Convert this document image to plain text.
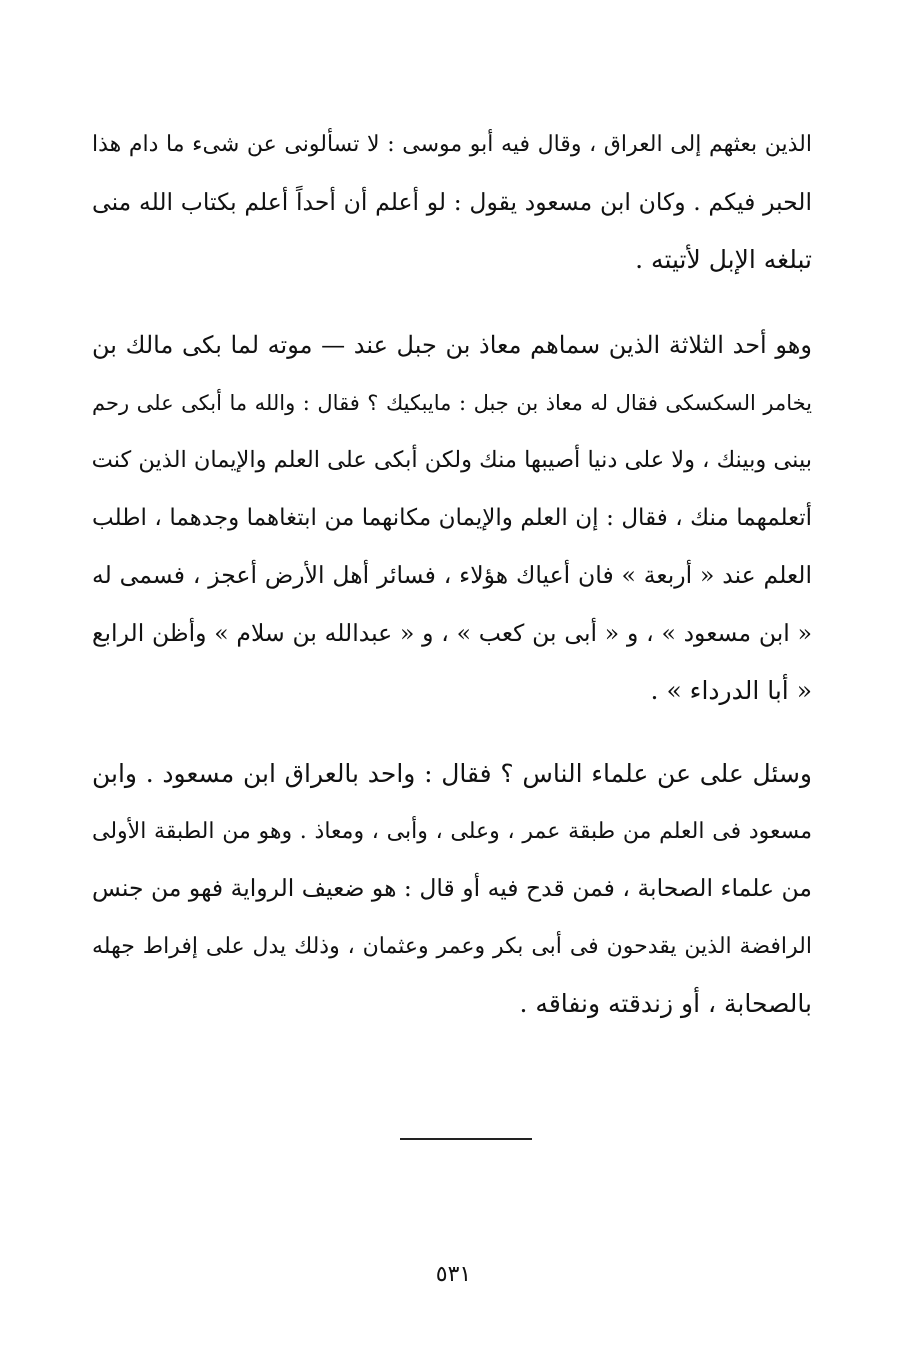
الذين بعثهم إلى العراق ، وقال فيه أبو موسى : لا تسألونى عن شىء ما دام هذا
الحبر فيكم . وكان ابن مسعود يقول : لو أعلم أن أحداً أعلم بكتاب الله منى
تبلغه الإبل لأتيته .
وهو أحد الثلاثة الذين سماهم معاذ بن جبل عند — موته لما بكى مالك بن
يخامر السكسكى فقال له معاذ بن جبل : مايبكيك ؟ فقال : والله ما أبكى على رحم
بينى وبينك ، ولا على دنيا أصيبها منك ولكن أبكى على العلم والإيمان الذين كنت
أتعلمهما منك ، فقال : إن العلم والإيمان مكانهما من ابتغاهما وجدهما ، اطلب
العلم عند « أربعة » فان أعياك هؤلاء ، فسائر أهل الأرض أعجز ، فسمى له
« ابن مسعود » ، و « أبى بن كعب » ، و « عبدالله بن سلام » وأظن الرابع
« أبا الدرداء » .
وسئل على عن علماء الناس ؟ فقال : واحد بالعراق ابن مسعود . وابن
مسعود فى العلم من طبقة عمر ، وعلى ، وأبى ، ومعاذ . وهو من الطبقة الأولى
من علماء الصحابة ، فمن قدح فيه أو قال : هو ضعيف الرواية فهو من جنس
الرافضة الذين يقدحون فى أبى بكر وعمر وعثمان ، وذلك يدل على إفراط جهله
بالصحابة ، أو زندقته ونفاقه .
٥٣١
